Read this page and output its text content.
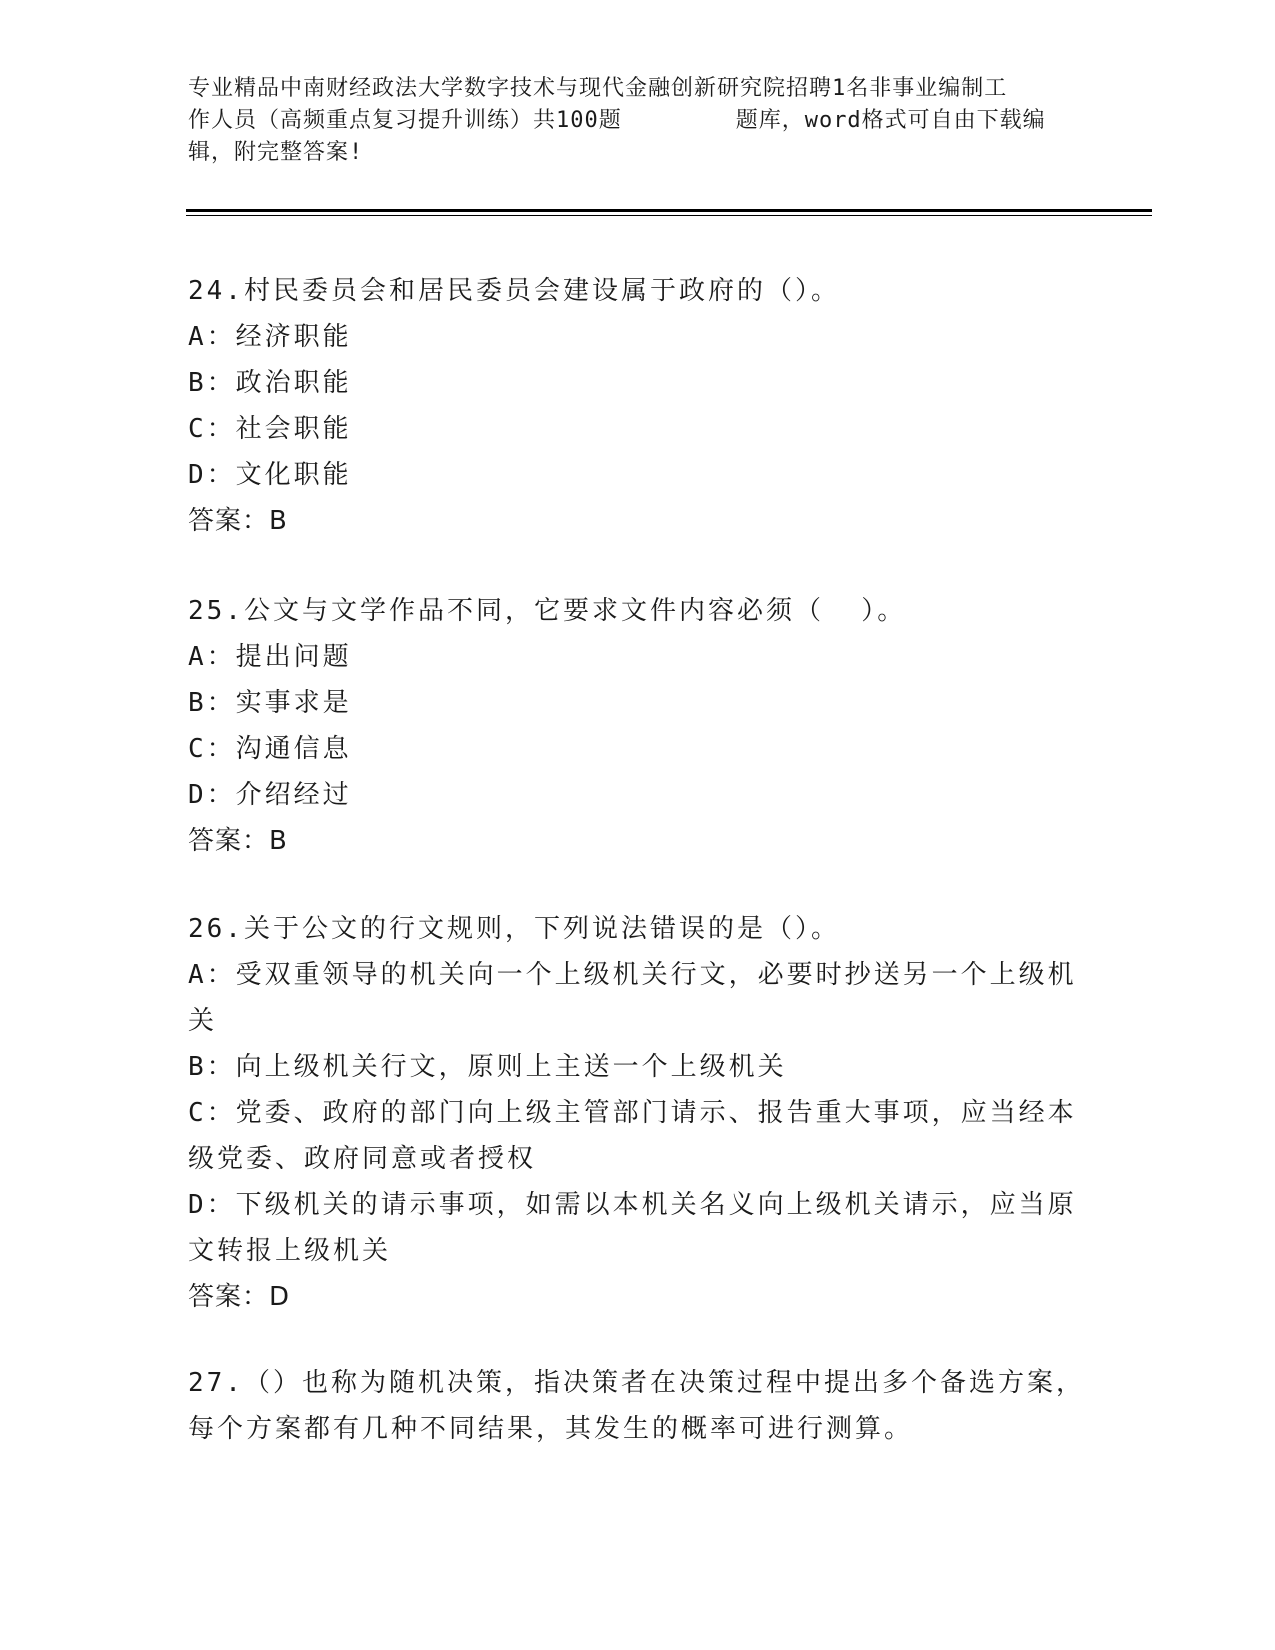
专业精品中南财经政法大学数字技术与现代金融创新研究院招聘1名非事业编制工
作人员（高频重点复习提升训练）共100题        题库，word格式可自由下载编
辑，附完整答案!
24.村民委员会和居民委员会建设属于政府的（）。
A：经济职能
B：政治职能
C：社会职能
D：文化职能
答案：B
25.公文与文学作品不同，它要求文件内容必须（  ）。
A：提出问题
B：实事求是
C：沟通信息
D：介绍经过
答案：B
26.关于公文的行文规则，下列说法错误的是（）。
A：受双重领导的机关向一个上级机关行文，必要时抄送另一个上级机关
B：向上级机关行文，原则上主送一个上级机关
C：党委、政府的部门向上级主管部门请示、报告重大事项，应当经本级党委、政府同意或者授权
D：下级机关的请示事项，如需以本机关名义向上级机关请示，应当原文转报上级机关
答案：D
27.（）也称为随机决策，指决策者在决策过程中提出多个备选方案，每个方案都有几种不同结果，其发生的概率可进行测算。
